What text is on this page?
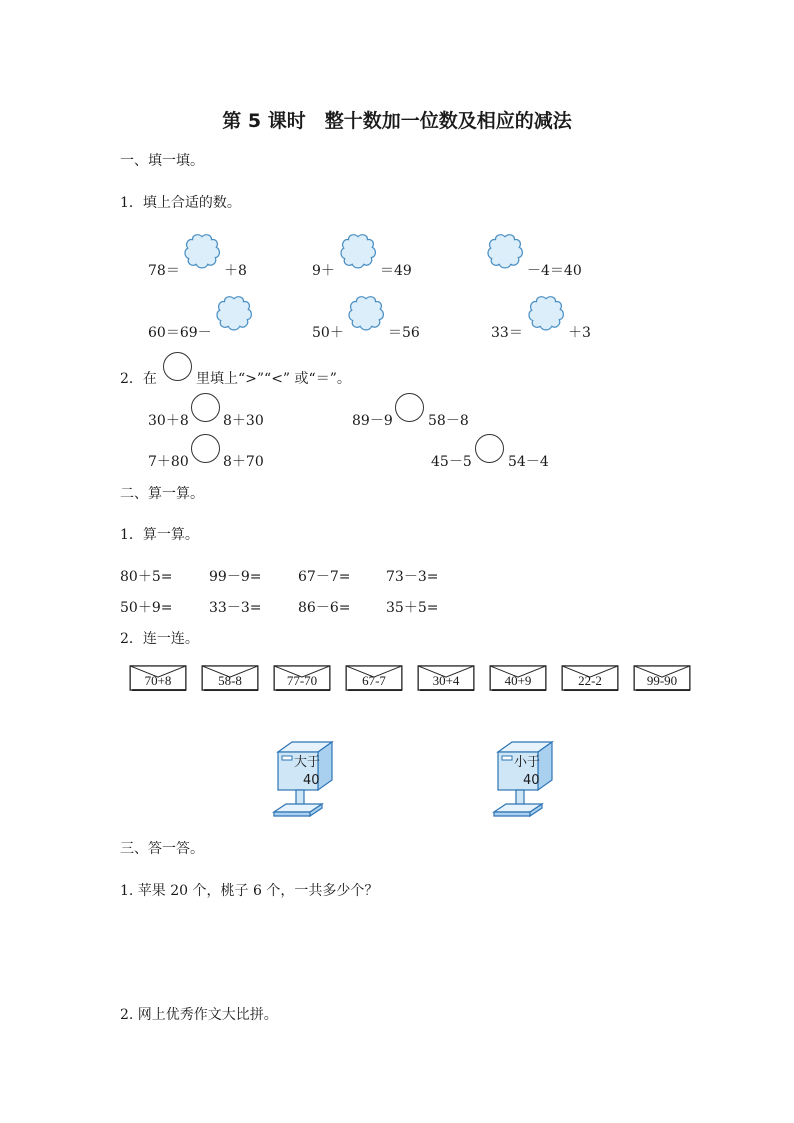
第 5 课时　整十数加一位数及相应的减法
一、填一填。
1．填上合适的数。
78＝	＋8	9＋	＝49	－4＝40
60＝69－	50＋	＝56	33＝	＋3
2．在	里填上“>”“<” 或“＝”。
30＋8 8＋30	89－9	58－8
7＋80 8＋70	45－5	54－4
二、算一算。
1．算一算。
80＋5=	99－9=	67－7=	73－3=
50＋9=	33－3=	86－6=	35＋5=
2．连一连。
70+8	58-8	77-70	67-7	30+4	40+9	22-2	99-90
大于
40
小于
40
三、答一答。
1. 苹果 20 个，桃子 6 个，一共多少个？
2. 网上优秀作文大比拼。
